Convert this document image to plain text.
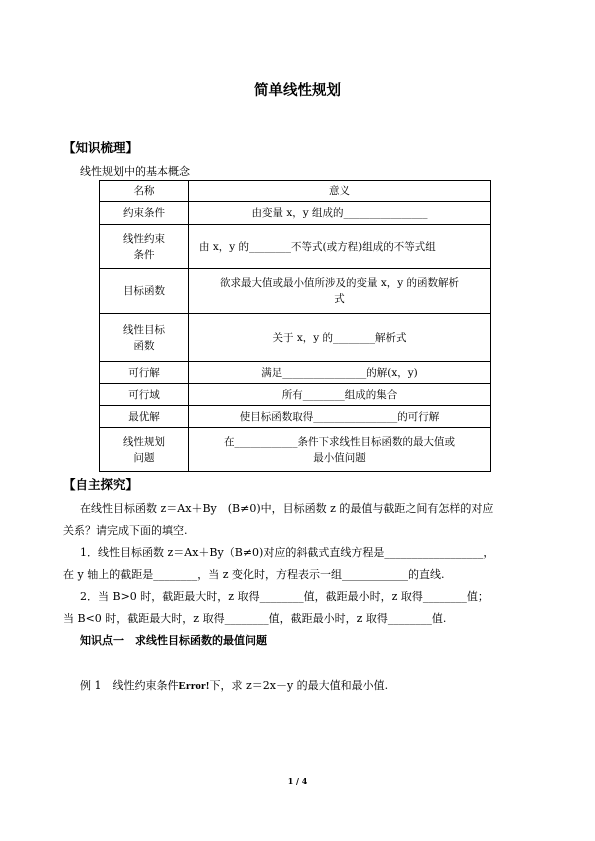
简单线性规划
【知识梳理】
线性规划中的基本概念
名称	意义
约束条件	由变量 x，y 组成的________________
线性约束
条件	由 x，y 的________不等式(或方程)组成的不等式组
目标函数	欲求最大值或最小值所涉及的变量 x，y 的函数解析
式
线性目标
函数	关于 x，y 的________解析式
可行解	满足________________的解(x，y)
可行域	所有________组成的集合
最优解	使目标函数取得________________的可行解
线性规划
问题	在____________条件下求线性目标函数的最大值或
最小值问题
【自主探究】
在线性目标函数 z＝Ax＋By　(B≠0)中，目标函数 z 的最值与截距之间有怎样的对应
关系？请完成下面的填空.
1．线性目标函数 z＝Ax＋By（B≠0)对应的斜截式直线方程是__________________，
在 y 轴上的截距是________，当 z 变化时，方程表示一组____________的直线.
2．当 B>0 时，截距最大时，z 取得________值，截距最小时，z 取得________值；
当 B<0 时，截距最大时，z 取得________值，截距最小时，z 取得________值.
知识点一　求线性目标函数的最值问题
例 1　线性约束条件Error!下，求 z＝2x－y 的最大值和最小值.
1 / 4
